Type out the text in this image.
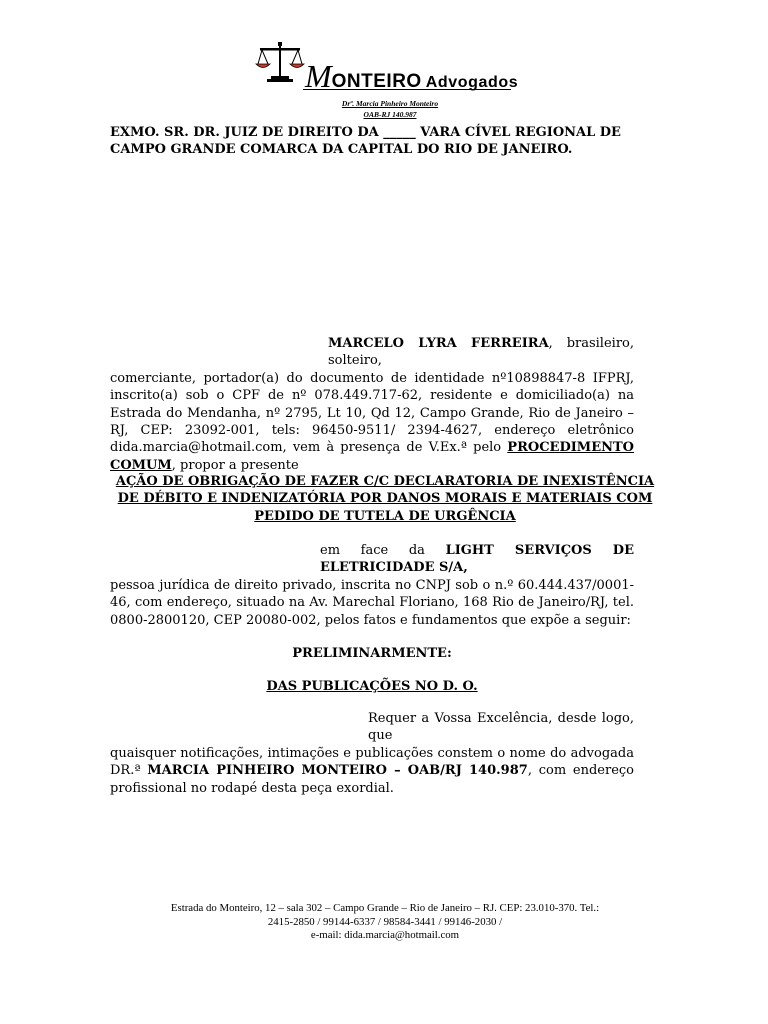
MONTEIRO Advogados
Drª. Marcia Pinheiro Monteiro
OAB-RJ 140.987
EXMO. SR. DR. JUIZ DE DIREITO DA _____ VARA CÍVEL REGIONAL DE CAMPO GRANDE COMARCA DA CAPITAL DO RIO DE JANEIRO.
MARCELO LYRA FERREIRA, brasileiro, solteiro,
comerciante, portador(a) do documento de identidade nº10898847-8 IFPRJ, inscrito(a) sob o CPF de nº 078.449.717-62, residente e domiciliado(a) na Estrada do Mendanha, nº 2795, Lt 10, Qd 12, Campo Grande, Rio de Janeiro – RJ, CEP: 23092-001, tels: 96450-9511/ 2394-4627, endereço eletrônico dida.marcia@hotmail.com, vem à presença de V.Ex.ª pelo PROCEDIMENTO COMUM, propor a presente
AÇÃO DE OBRIGAÇÃO DE FAZER C/C DECLARATORIA DE INEXISTÊNCIA DE DÉBITO E INDENIZATÓRIA POR DANOS MORAIS E MATERIAIS COM PEDIDO DE TUTELA DE URGÊNCIA
em face da LIGHT SERVIÇOS DE ELETRICIDADE S/A,
pessoa jurídica de direito privado, inscrita no CNPJ sob o n.º 60.444.437/0001-46, com endereço, situado na Av. Marechal Floriano, 168 Rio de Janeiro/RJ, tel. 0800-2800120, CEP 20080-002, pelos fatos e fundamentos que expõe a seguir:
PRELIMINARMENTE:
DAS PUBLICAÇÕES NO D. O.
Requer a Vossa Excelência, desde logo, que
quaisquer notificações, intimações e publicações constem o nome do advogada DR.ª MARCIA PINHEIRO MONTEIRO – OAB/RJ 140.987, com endereço profissional no rodapé desta peça exordial.
Estrada do Monteiro, 12 – sala 302 – Campo Grande – Rio de Janeiro – RJ. CEP: 23.010-370. Tel.:
2415-2850 / 99144-6337 / 98584-3441 / 99146-2030 /
e-mail: dida.marcia@hotmail.com
